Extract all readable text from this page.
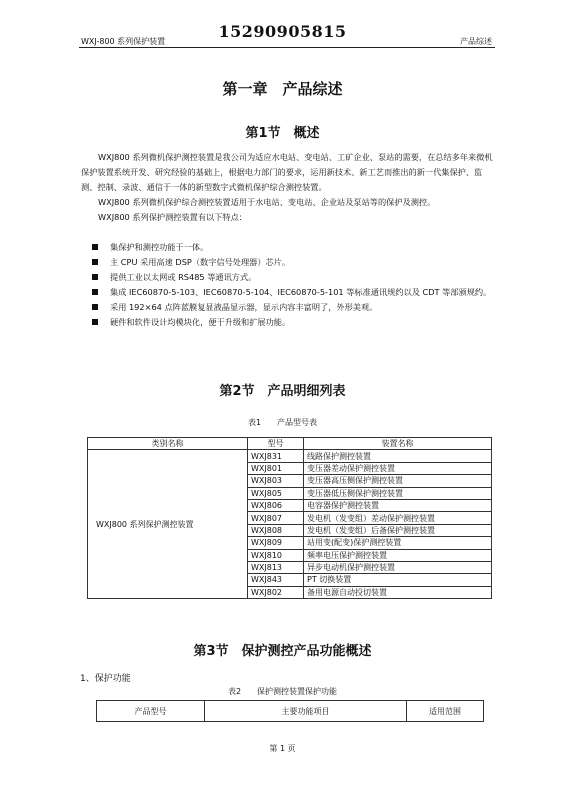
WXJ-800 系列保护装置
15290905815
产品综述
第一章　产品综述
第1节　概述

WXJ800 系列微机保护测控装置是我公司为适应水电站、变电站、工矿企业、泵站的需要，在总结多年来微机保护装置系统开发、研究经验的基础上，根据电力部门的要求，运用新技术、新工艺而推出的新一代集保护、监测、控制、录波、通信于一体的新型数字式微机保护综合测控装置。

WXJ800 系列微机保护综合测控装置适用于水电站、变电站、企业站及泵站等的保护及测控。

WXJ800 系列保护测控装置有以下特点：

集保护和测控功能于一体。
主 CPU 采用高速 DSP（数字信号处理器）芯片。
提供工业以太网或 RS485 等通讯方式。
集成 IEC60870-5-103、IEC60870-5-104、IEC60870-5-101 等标准通讯规约以及 CDT 等部颁规约。
采用 192×64 点阵蓝膜复显液晶显示器，显示内容丰富明了，外形美观。
硬件和软件设计均模块化，便于升级和扩展功能。
第2节　产品明细列表
表1　　产品型号表
类别名称	型号	装置名称
WXJ800 系列保护测控装置	WXJ831	线路保护测控装置
	WXJ801	变压器差动保护测控装置
	WXJ803	变压器高压侧保护测控装置
	WXJ805	变压器低压侧保护测控装置
	WXJ806	电容器保护测控装置
	WXJ807	发电机（发变组）差动保护测控装置
	WXJ808	发电机（发变组）后备保护测控装置
	WXJ809	站用变(配变)保护测控装置
	WXJ810	频率电压保护测控装置
	WXJ813	异步电动机保护测控装置
	WXJ843	PT 切换装置
	WXJ802	备用电源自动投切装置
第3节　保护测控产品功能概述
1、保护功能
表2　　保护测控装置保护功能
产品型号	主要功能项目	适用范围
第 1 页
